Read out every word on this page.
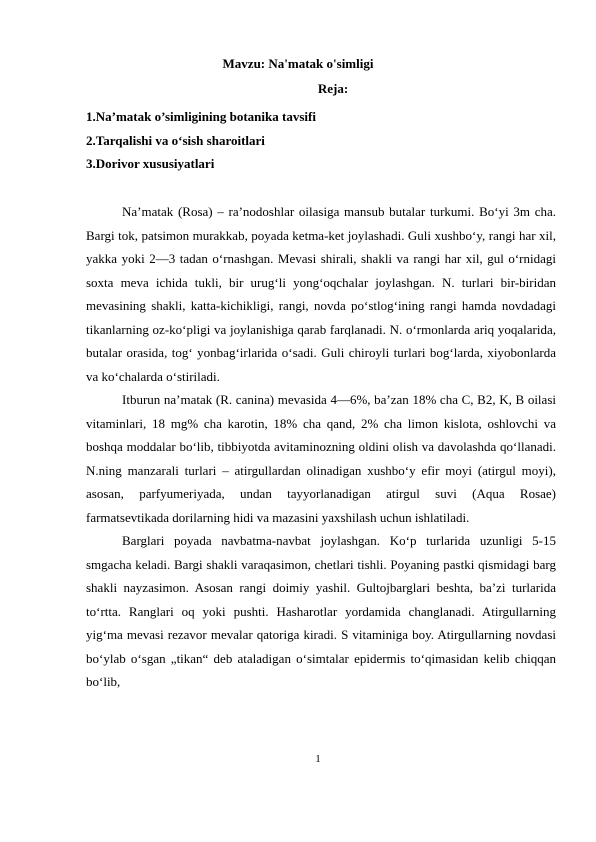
Mavzu: Na'matak o'simligi
Reja:
1.Na’matak o’simligining botanika tavsifi
2.Tarqalishi va o‘sish sharoitlari
3.Dorivor xususiyatlari

Na’matak (Rosa) – ra’nodoshlar oilasiga mansub butalar turkumi. Bo‘yi 3m cha. Bargi tok, patsimon murakkab, poyada ketma-ket joylashadi. Guli xushbo‘y, rangi har xil, yakka yoki 2—3 tadan o‘rnashgan. Mevasi shirali, shakli va rangi har xil, gul o‘rnidagi soxta meva ichida tukli, bir urug‘li yong‘oqchalar joylashgan. N. turlari bir-biridan mevasining shakli, katta-kichikligi, rangi, novda po‘stlog‘ining rangi hamda novdadagi tikanlarning oz-ko‘pligi va joylanishiga qarab farqlanadi. N. o‘rmonlarda ariq yoqalarida, butalar orasida, tog‘ yonbag‘irlarida o‘sadi. Guli chiroyli turlari bog‘larda, xiyobonlarda va ko‘chalarda o‘stiriladi.

Itburun na’matak (R. canina) mevasida 4—6%, ba’zan 18% cha C, B2, K, B oilasi vitaminlari, 18 mg% cha karotin, 18% cha qand, 2% cha limon kislota, oshlovchi va boshqa moddalar bo‘lib, tibbiyotda avitaminozning oldini olish va davolashda qo‘llanadi. N.ning manzarali turlari – atirgullardan olinadigan xushbo‘y efir moyi (atirgul moyi), asosan, parfyumeriyada, undan tayyorlanadigan atirgul suvi (Aqua Rosae) farmatsevtikada dorilarning hidi va mazasini yaxshilash uchun ishlatiladi.

Barglari poyada navbatma-navbat joylashgan. Ko‘p turlarida uzunligi 5-15 smgacha keladi. Bargi shakli varaqasimon, chetlari tishli. Poyaning pastki qismidagi barg shakli nayzasimon. Asosan rangi doimiy yashil. Gultojbarglari beshta, ba’zi turlarida to‘rtta. Ranglari oq yoki pushti. Hasharotlar yordamida changlanadi. Atirgullarning yig‘ma mevasi rezavor mevalar qatoriga kiradi. S vitaminiga boy. Atirgullarning novdasi bo‘ylab o‘sgan „tikan“ deb ataladigan o‘simtalar epidermis to‘qimasidan kelib chiqqan bo‘lib,

1
